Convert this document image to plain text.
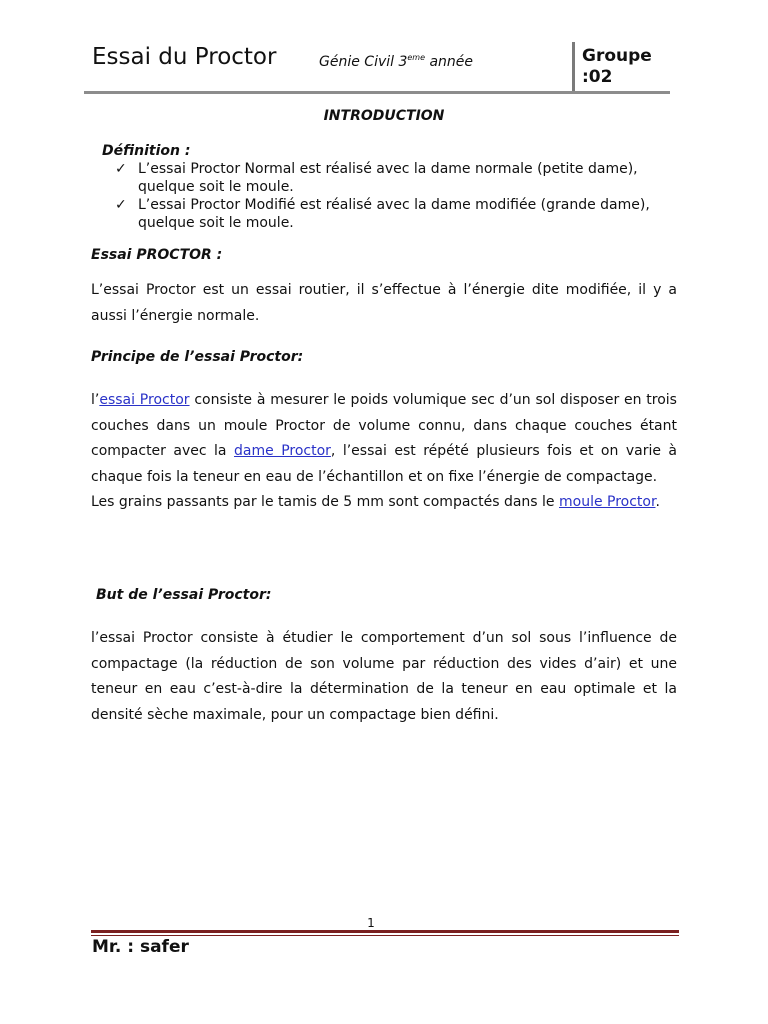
Essai du Proctor	Génie Civil 3eme année	Groupe
:02
INTRODUCTION
Définition :
✓ L’essai Proctor Normal est réalisé avec la dame normale (petite dame), quelque soit le moule.
✓ L’essai Proctor Modifié est réalisé avec la dame modifiée (grande dame), quelque soit le moule.
Essai PROCTOR :

L’essai Proctor est un essai routier, il s’effectue à l’énergie dite modifiée, il y a aussi l’énergie normale.

Principe de l’essai Proctor:

l’essai Proctor consiste à mesurer le poids volumique sec d’un sol disposer en trois couches dans un moule Proctor de volume connu, dans chaque couches étant compacter avec la dame Proctor, l’essai est répété plusieurs fois et on varie à chaque fois la teneur en eau de l’échantillon et on fixe l’énergie de compactage.

Les grains passants par le tamis de 5 mm sont compactés dans le moule Proctor.

But de l’essai Proctor:

l’essai Proctor consiste à étudier le comportement d’un sol sous l’influence de compactage (la réduction de son volume par réduction des vides d’air) et une teneur en eau c’est-à-dire la détermination de la teneur en eau optimale et la densité sèche maximale, pour un compactage bien défini.

1
Mr. : safer
